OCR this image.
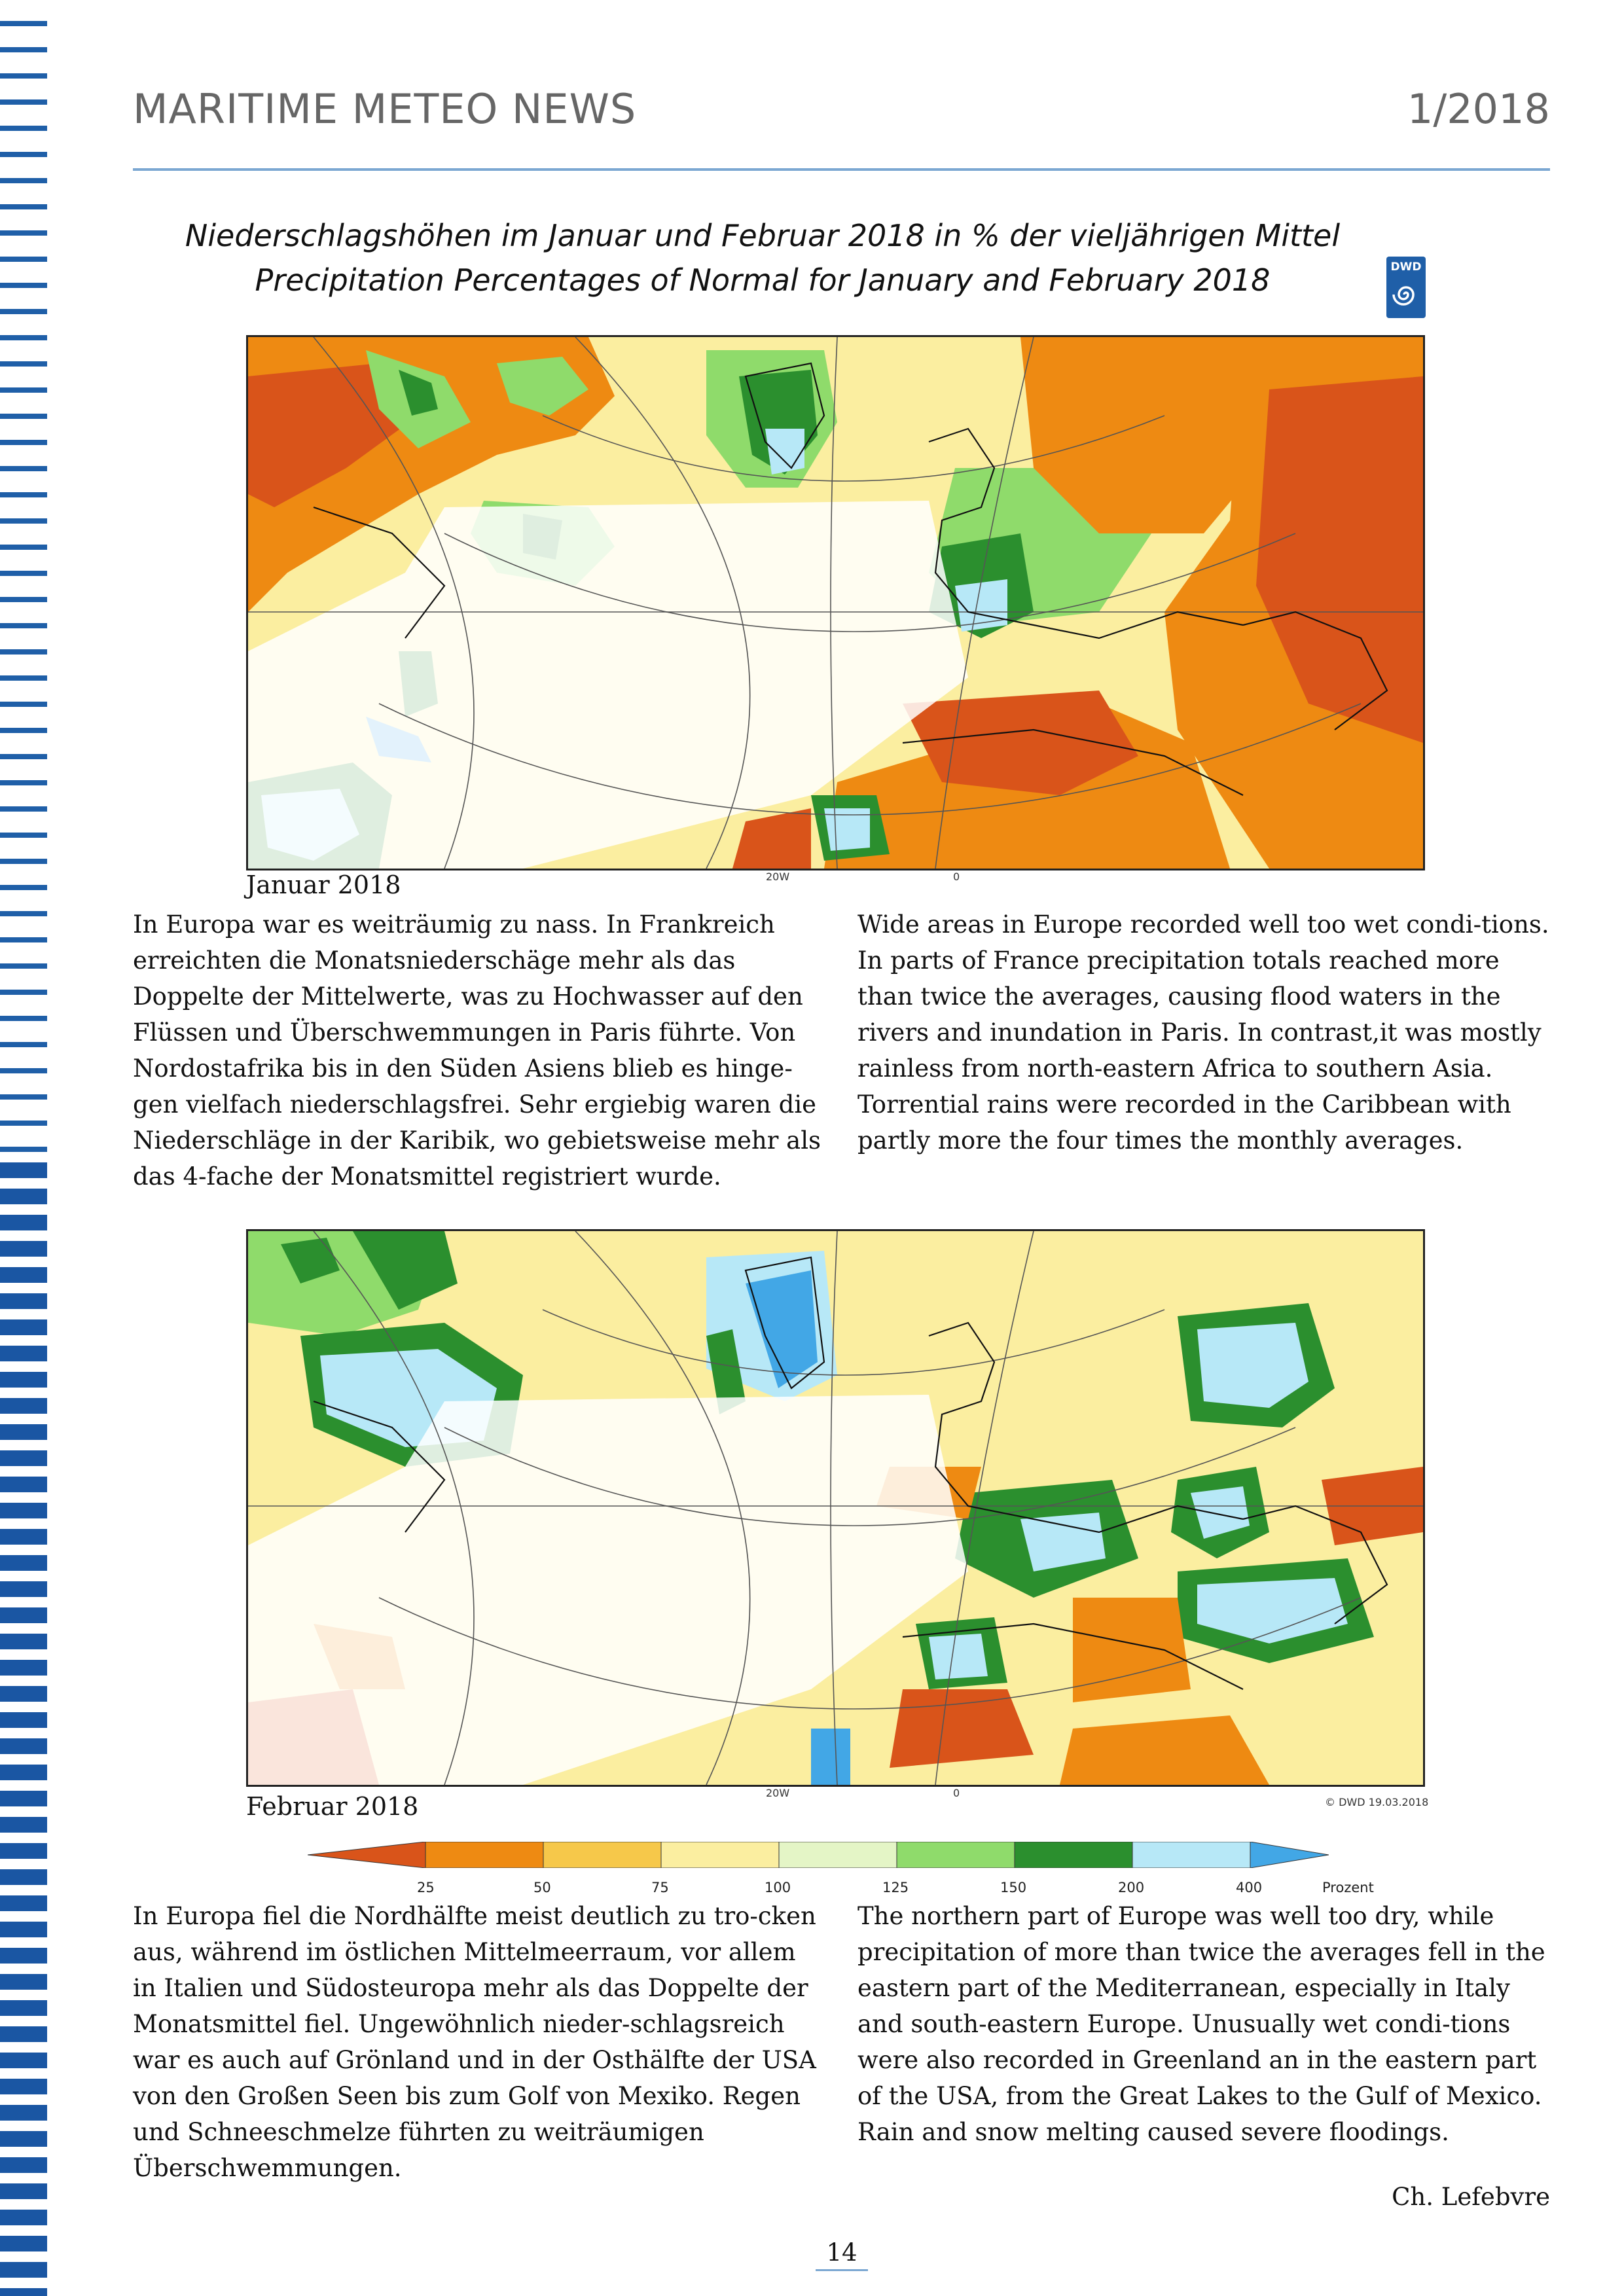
MARITIME METEO NEWS	1/2018
Niederschlagshöhen im Januar und Februar 2018 in % der vieljährigen Mittel
Precipitation Percentages of Normal for January and February 2018	DWD
Januar 2018	20W	0
In Europa war es weiträumig zu nass. In Frankreich erreichten die Monatsniederschäge mehr als das Doppelte der Mittelwerte, was zu Hochwasser auf den Flüssen und Überschwemmungen in Paris führte. Von Nordostafrika bis in den Süden Asiens blieb es hinge-gen vielfach niederschlagsfrei. Sehr ergiebig waren die Niederschläge in der Karibik, wo gebietsweise mehr als das 4-fache der Monatsmittel registriert wurde.
Wide areas in Europe recorded well too wet condi-tions. In parts of France precipitation totals reached more than twice the averages, causing flood waters in the rivers and inundation in Paris. In contrast,it was mostly rainless from north-eastern Africa to southern Asia. Torrential rains were recorded in the Caribbean with partly more the four times the monthly averages.
© DWD 19.03.2018
Februar 2018	20W	0
25	50	75	100	125	150	200	400	Prozent
In Europa fiel die Nordhälfte meist deutlich zu tro-cken aus, während im östlichen Mittelmeerraum, vor allem in Italien und Südosteuropa mehr als das Doppelte der Monatsmittel fiel. Ungewöhnlich nieder-schlagsreich war es auch auf Grönland und in der Osthälfte der USA von den Großen Seen bis zum Golf von Mexiko. Regen und Schneeschmelze führten zu weiträumigen Überschwemmungen.
The northern part of Europe was well too dry, while precipitation of more than twice the averages fell in the eastern part of the Mediterranean, especially in Italy and south-eastern Europe. Unusually wet condi-tions were also recorded in Greenland an in the eastern part of the USA, from the Great Lakes to the Gulf of Mexico. Rain and snow melting caused severe floodings.
Ch. Lefebvre
14
